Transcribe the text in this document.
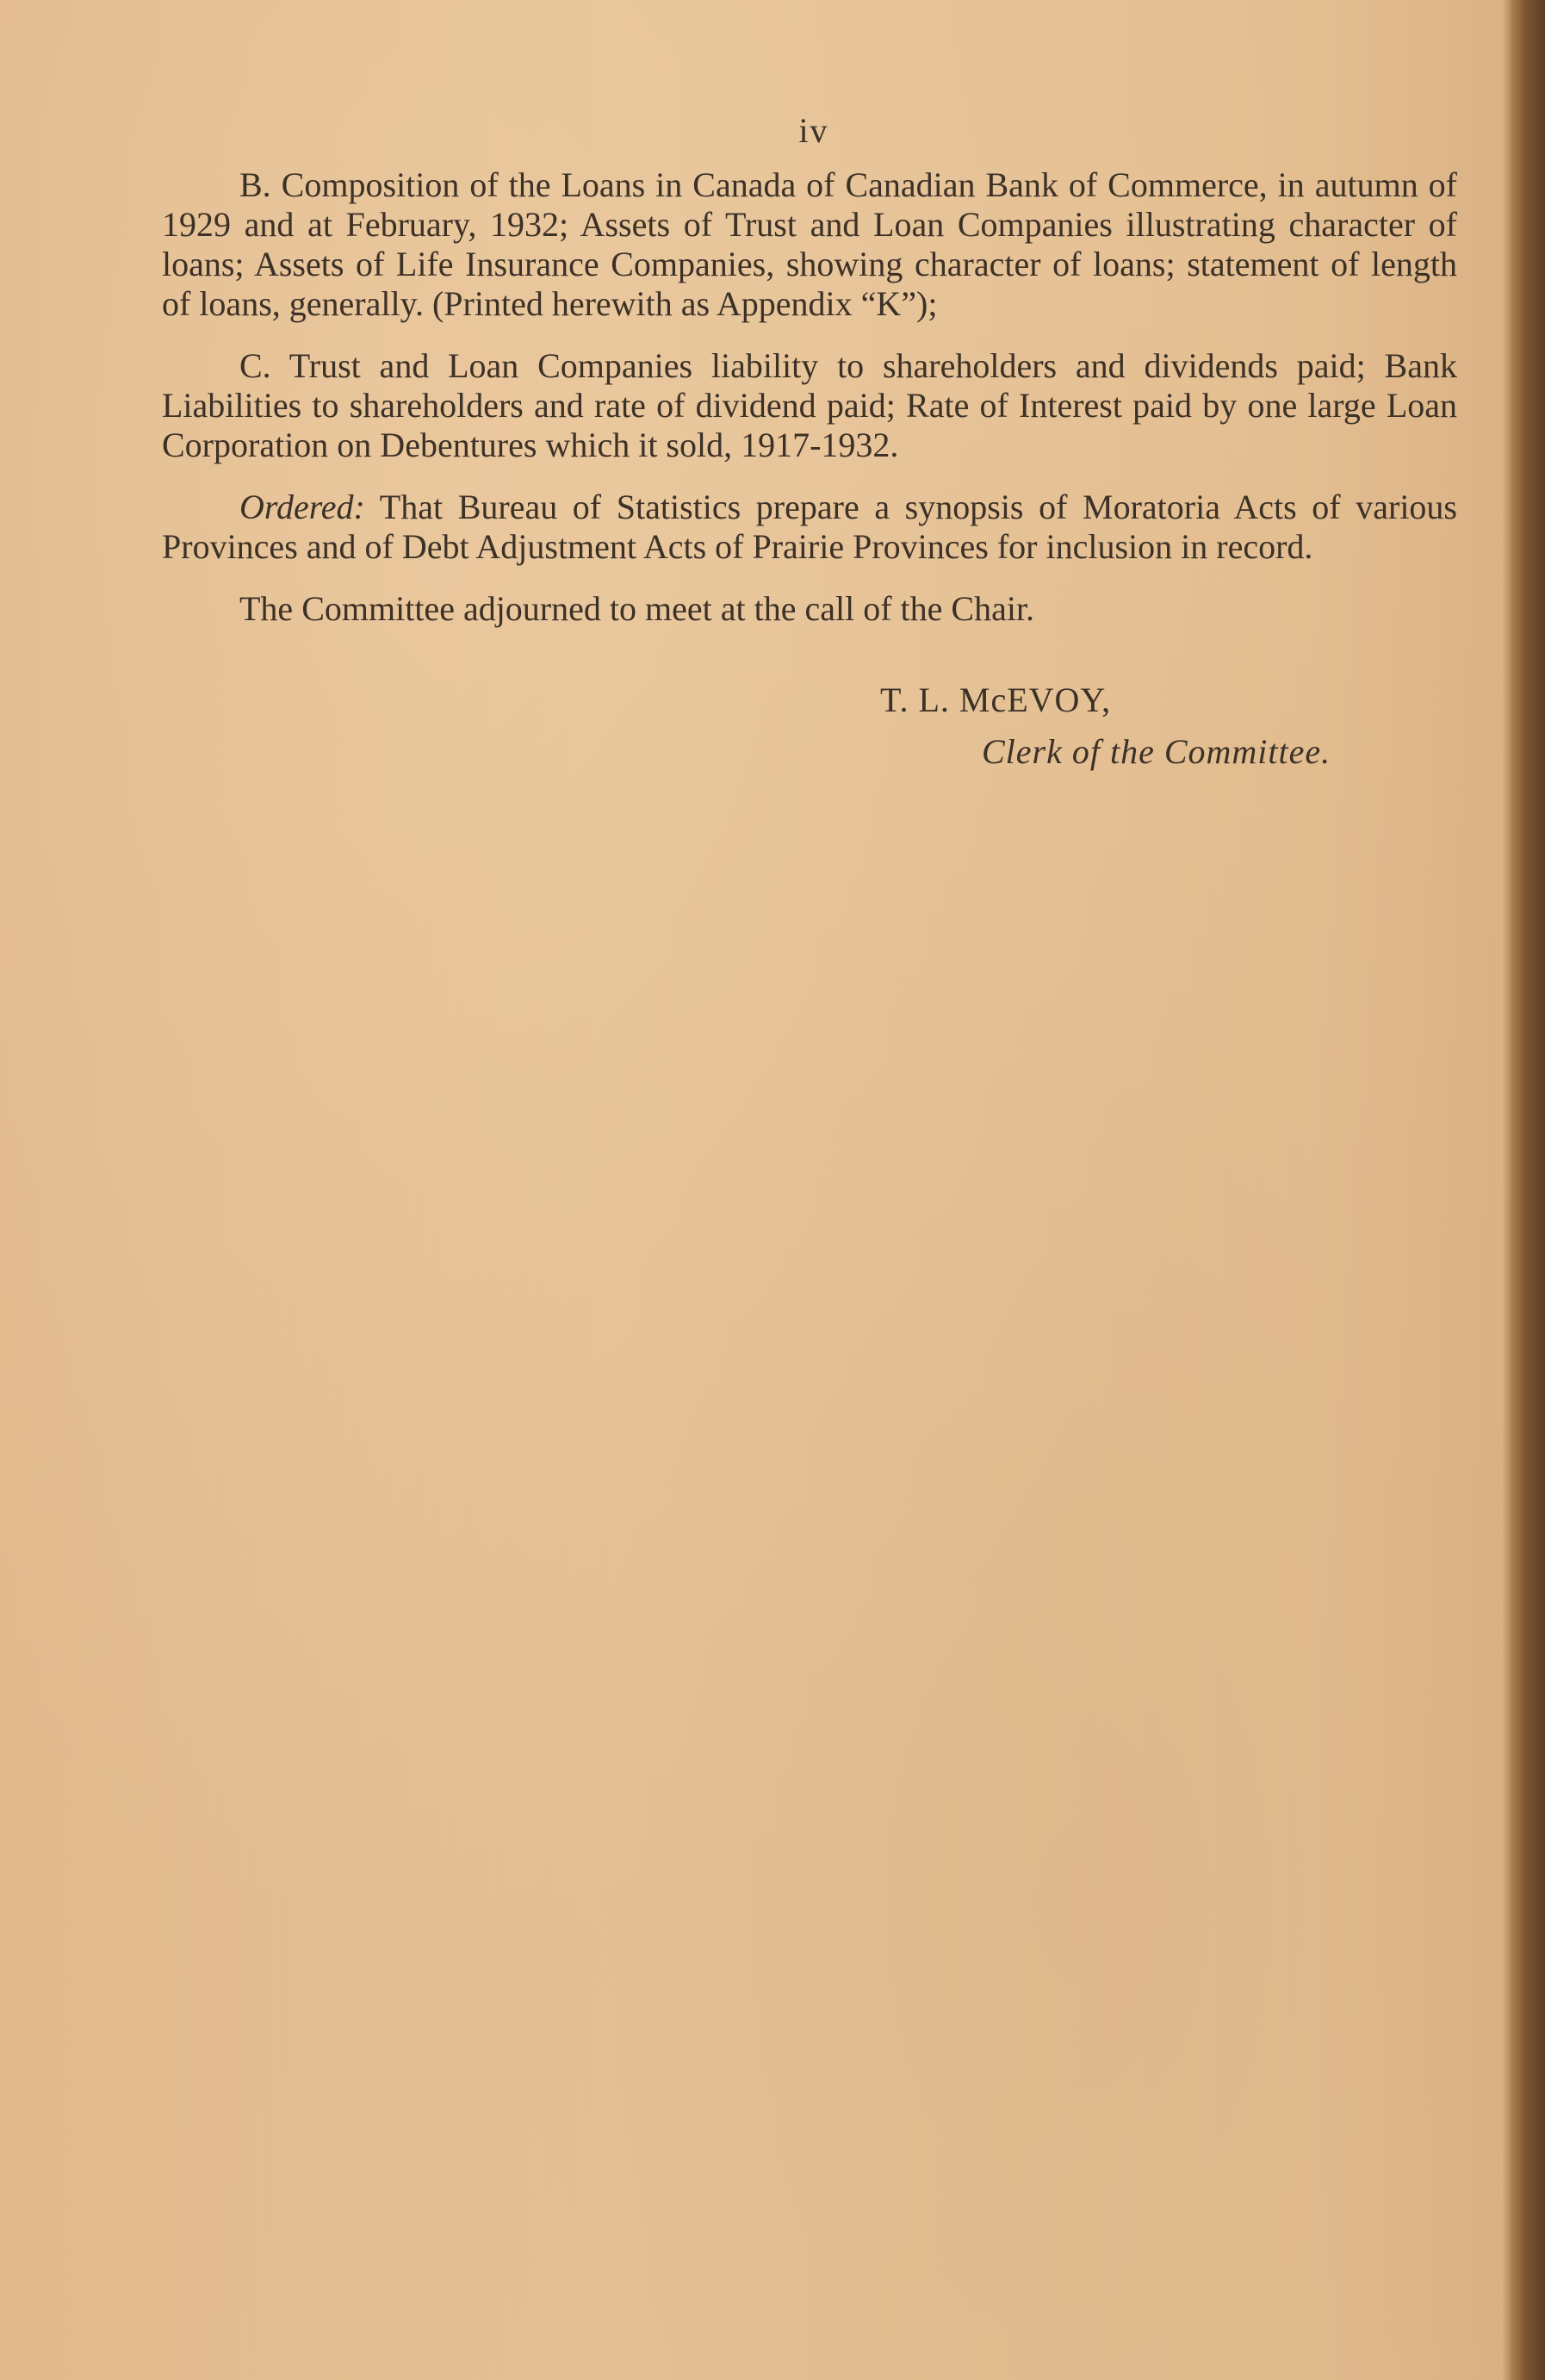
iv

B. Composition of the Loans in Canada of Canadian Bank of Commerce, in autumn of 1929 and at February, 1932; Assets of Trust and Loan Companies illustrating character of loans; Assets of Life Insurance Companies, showing character of loans; statement of length of loans, generally. (Printed herewith as Appendix “K”);

C. Trust and Loan Companies liability to shareholders and dividends paid; Bank Liabilities to shareholders and rate of dividend paid; Rate of Interest paid by one large Loan Corporation on Debentures which it sold, 1917-1932.

Ordered: That Bureau of Statistics prepare a synopsis of Moratoria Acts of various Provinces and of Debt Adjustment Acts of Prairie Provinces for inclusion in record.

The Committee adjourned to meet at the call of the Chair.

T. L. McEVOY,
Clerk of the Committee.
